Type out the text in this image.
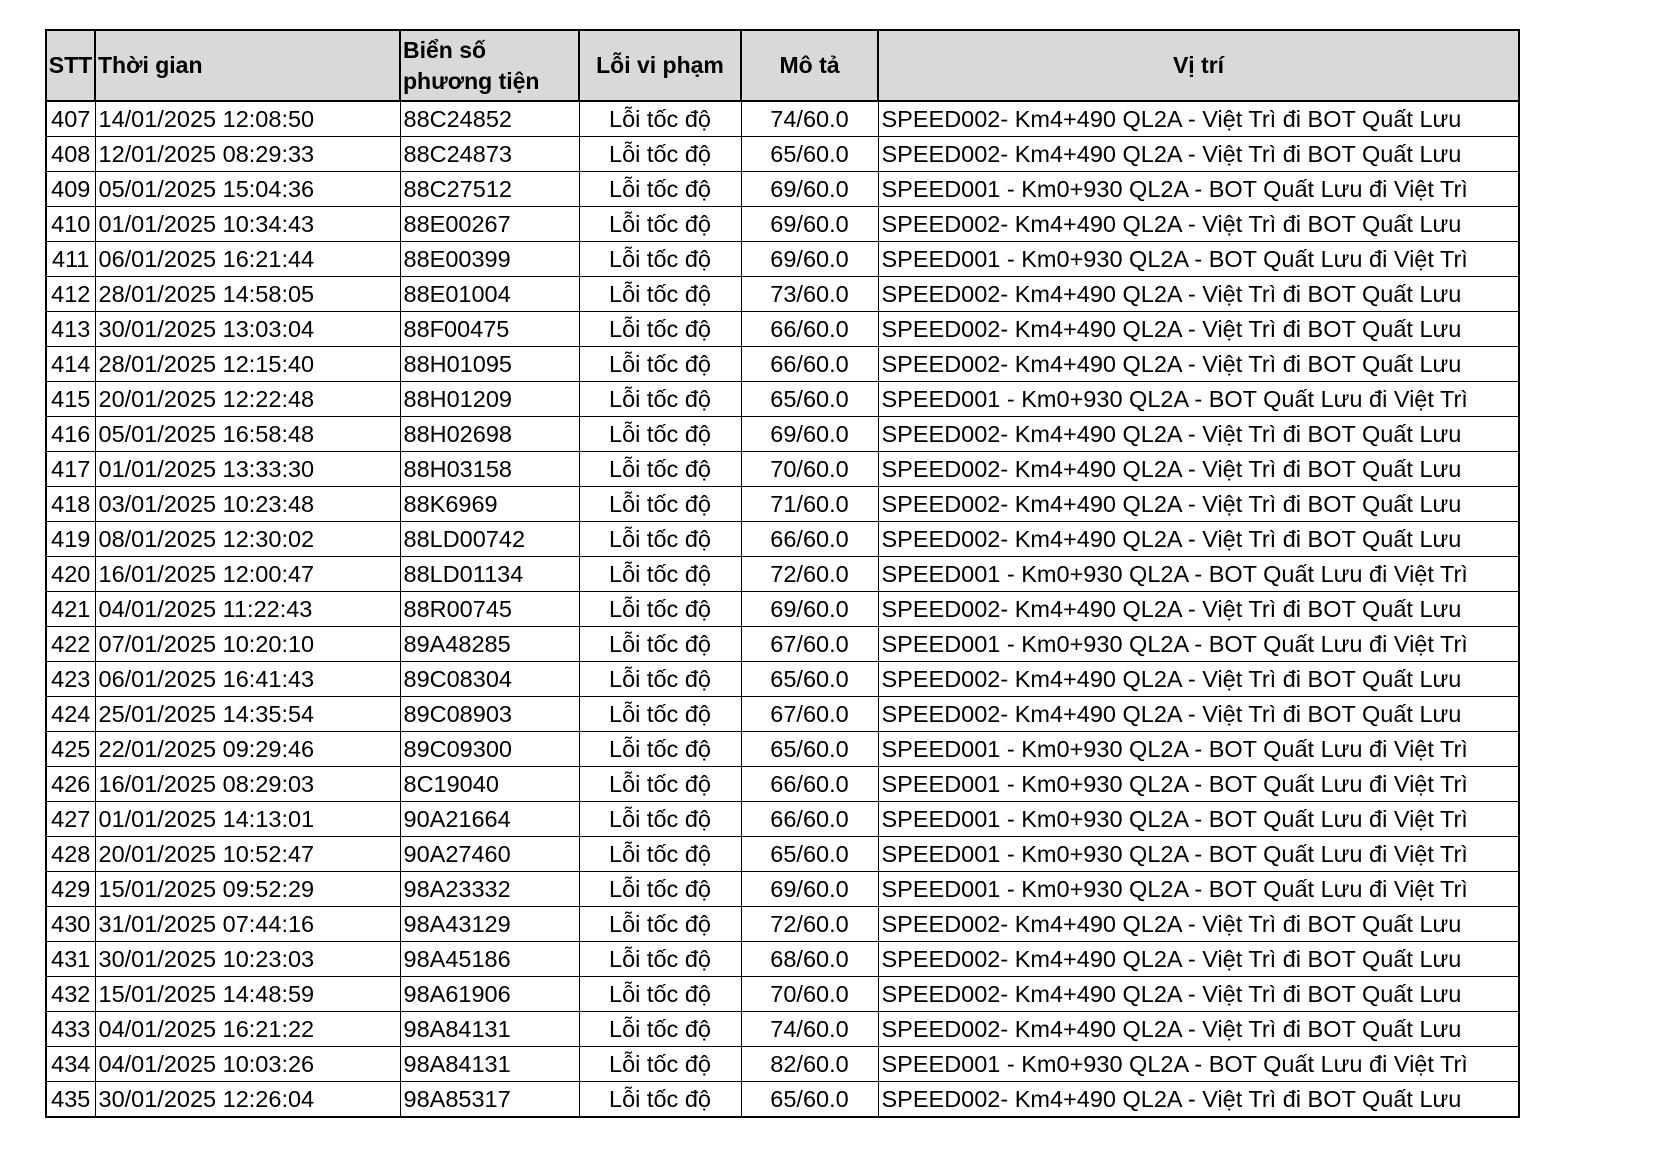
STT	Thời gian	Biển số
phương tiện	Lỗi vi phạm	Mô tả	Vị trí
407	14/01/2025 12:08:50	88C24852	Lỗi tốc độ	74/60.0	SPEED002- Km4+490 QL2A - Việt Trì đi BOT Quất Lưu
408	12/01/2025 08:29:33	88C24873	Lỗi tốc độ	65/60.0	SPEED002- Km4+490 QL2A - Việt Trì đi BOT Quất Lưu
409	05/01/2025 15:04:36	88C27512	Lỗi tốc độ	69/60.0	SPEED001 - Km0+930 QL2A - BOT Quất Lưu đi Việt Trì
410	01/01/2025 10:34:43	88E00267	Lỗi tốc độ	69/60.0	SPEED002- Km4+490 QL2A - Việt Trì đi BOT Quất Lưu
411	06/01/2025 16:21:44	88E00399	Lỗi tốc độ	69/60.0	SPEED001 - Km0+930 QL2A - BOT Quất Lưu đi Việt Trì
412	28/01/2025 14:58:05	88E01004	Lỗi tốc độ	73/60.0	SPEED002- Km4+490 QL2A - Việt Trì đi BOT Quất Lưu
413	30/01/2025 13:03:04	88F00475	Lỗi tốc độ	66/60.0	SPEED002- Km4+490 QL2A - Việt Trì đi BOT Quất Lưu
414	28/01/2025 12:15:40	88H01095	Lỗi tốc độ	66/60.0	SPEED002- Km4+490 QL2A - Việt Trì đi BOT Quất Lưu
415	20/01/2025 12:22:48	88H01209	Lỗi tốc độ	65/60.0	SPEED001 - Km0+930 QL2A - BOT Quất Lưu đi Việt Trì
416	05/01/2025 16:58:48	88H02698	Lỗi tốc độ	69/60.0	SPEED002- Km4+490 QL2A - Việt Trì đi BOT Quất Lưu
417	01/01/2025 13:33:30	88H03158	Lỗi tốc độ	70/60.0	SPEED002- Km4+490 QL2A - Việt Trì đi BOT Quất Lưu
418	03/01/2025 10:23:48	88K6969	Lỗi tốc độ	71/60.0	SPEED002- Km4+490 QL2A - Việt Trì đi BOT Quất Lưu
419	08/01/2025 12:30:02	88LD00742	Lỗi tốc độ	66/60.0	SPEED002- Km4+490 QL2A - Việt Trì đi BOT Quất Lưu
420	16/01/2025 12:00:47	88LD01134	Lỗi tốc độ	72/60.0	SPEED001 - Km0+930 QL2A - BOT Quất Lưu đi Việt Trì
421	04/01/2025 11:22:43	88R00745	Lỗi tốc độ	69/60.0	SPEED002- Km4+490 QL2A - Việt Trì đi BOT Quất Lưu
422	07/01/2025 10:20:10	89A48285	Lỗi tốc độ	67/60.0	SPEED001 - Km0+930 QL2A - BOT Quất Lưu đi Việt Trì
423	06/01/2025 16:41:43	89C08304	Lỗi tốc độ	65/60.0	SPEED002- Km4+490 QL2A - Việt Trì đi BOT Quất Lưu
424	25/01/2025 14:35:54	89C08903	Lỗi tốc độ	67/60.0	SPEED002- Km4+490 QL2A - Việt Trì đi BOT Quất Lưu
425	22/01/2025 09:29:46	89C09300	Lỗi tốc độ	65/60.0	SPEED001 - Km0+930 QL2A - BOT Quất Lưu đi Việt Trì
426	16/01/2025 08:29:03	8C19040	Lỗi tốc độ	66/60.0	SPEED001 - Km0+930 QL2A - BOT Quất Lưu đi Việt Trì
427	01/01/2025 14:13:01	90A21664	Lỗi tốc độ	66/60.0	SPEED001 - Km0+930 QL2A - BOT Quất Lưu đi Việt Trì
428	20/01/2025 10:52:47	90A27460	Lỗi tốc độ	65/60.0	SPEED001 - Km0+930 QL2A - BOT Quất Lưu đi Việt Trì
429	15/01/2025 09:52:29	98A23332	Lỗi tốc độ	69/60.0	SPEED001 - Km0+930 QL2A - BOT Quất Lưu đi Việt Trì
430	31/01/2025 07:44:16	98A43129	Lỗi tốc độ	72/60.0	SPEED002- Km4+490 QL2A - Việt Trì đi BOT Quất Lưu
431	30/01/2025 10:23:03	98A45186	Lỗi tốc độ	68/60.0	SPEED002- Km4+490 QL2A - Việt Trì đi BOT Quất Lưu
432	15/01/2025 14:48:59	98A61906	Lỗi tốc độ	70/60.0	SPEED002- Km4+490 QL2A - Việt Trì đi BOT Quất Lưu
433	04/01/2025 16:21:22	98A84131	Lỗi tốc độ	74/60.0	SPEED002- Km4+490 QL2A - Việt Trì đi BOT Quất Lưu
434	04/01/2025 10:03:26	98A84131	Lỗi tốc độ	82/60.0	SPEED001 - Km0+930 QL2A - BOT Quất Lưu đi Việt Trì
435	30/01/2025 12:26:04	98A85317	Lỗi tốc độ	65/60.0	SPEED002- Km4+490 QL2A - Việt Trì đi BOT Quất Lưu
